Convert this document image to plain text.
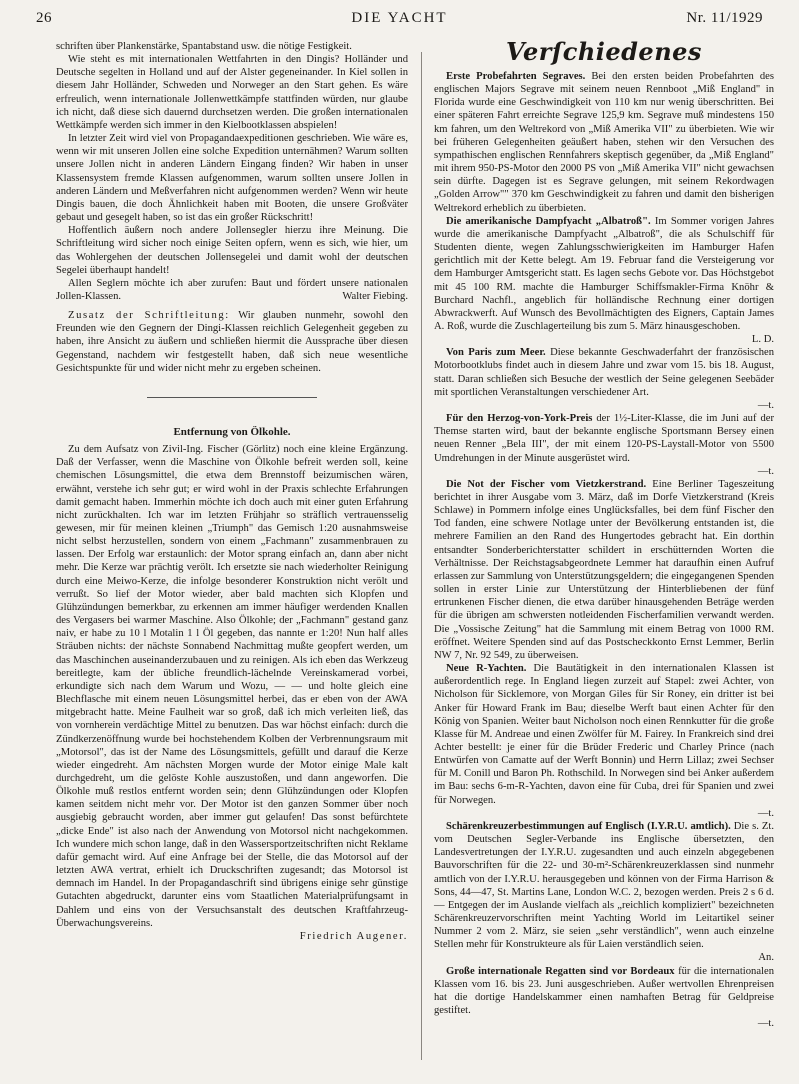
26	DIE YACHT	Nr. 11/1929

schriften über Plankenstärke, Spantabstand usw. die nötige Festigkeit.

Wie steht es mit internationalen Wettfahrten in den Dingis? Holländer und Deutsche segelten in Holland und auf der Alster gegeneinander. In Kiel sollen in diesem Jahr Holländer, Schweden und Norweger an den Start gehen. Es wäre erfreulich, wenn internationale Jollenwettkämpfe stattfinden würden, nur glaube ich nicht, daß diese sich dauernd durchsetzen werden. Die großen internationalen Wettkämpfe werden sich immer in den Kielbootklassen abspielen!

In letzter Zeit wird viel von Propagandaexpeditionen geschrieben. Wie wäre es, wenn wir mit unseren Jollen eine solche Expedition unternähmen? Warum sollten unsere Jollen nicht in anderen Ländern Eingang finden? Wir haben in unser Klassensystem fremde Klassen aufgenommen, warum sollten unsere Jollen in anderen Ländern und Meßverfahren nicht aufgenommen werden? Wenn wir heute Dingis bauen, die doch Ähnlichkeit haben mit Booten, die unsere Großväter gebaut und gesegelt haben, so ist das ein großer Rückschritt!

Hoffentlich äußern noch andere Jollensegler hierzu ihre Meinung. Die Schriftleitung wird sicher noch einige Seiten opfern, wenn es sich, wie hier, um das Wohlergehen der deutschen Jollensegelei und damit wohl der deutschen Segelei überhaupt handelt!

Allen Seglern möchte ich aber zurufen: Baut und fördert unsere nationalen Jollen-Klassen.	Walter Fiebing.

Zusatz der Schriftleitung: Wir glauben nunmehr, sowohl den Freunden wie den Gegnern der Dingi-Klassen reichlich Gelegenheit gegeben zu haben, ihre Ansicht zu äußern und schließen hiermit die Aussprache über diesen Gegenstand, nachdem wir festgestellt haben, daß sich neue wesentliche Gesichtspunkte für und wider nicht mehr zu ergeben scheinen.

Entfernung von Ölkohle.

Zu dem Aufsatz von Zivil-Ing. Fischer (Görlitz) noch eine kleine Ergänzung. Daß der Verfasser, wenn die Maschine von Ölkohle befreit werden soll, keine chemischen Lösungsmittel, die etwa dem Brennstoff beizumischen wären, erwähnt, verstehe ich sehr gut; er wird wohl in der Praxis schlechte Erfahrungen damit gemacht haben. Immerhin möchte ich doch auch mit einer guten Erfahrung nicht zurückhalten. Ich war im letzten Frühjahr so sträflich vertrauensselig gewesen, mir für meinen kleinen „Triumph" das Gemisch 1:20 ausnahmsweise nicht selbst herzustellen, sondern von einem „Fachmann" zusammenbrauen zu lassen. Der Erfolg war erstaunlich: der Motor sprang einfach an, dann aber nicht mehr. Die Kerze war prächtig verölt. Ich ersetzte sie nach wiederholter Reinigung durch eine Meiwo-Kerze, die infolge besonderer Konstruktion nicht verölt und verrußt. So lief der Motor wieder, aber bald machten sich Klopfen und Glühzündungen bemerkbar, zu erkennen am immer häufiger werdenden Knallen des Vergasers bei warmer Maschine. Also Ölkohle; der „Fachmann" gestand ganz naiv, er habe zu 10 l Motalin 1 l Öl gegeben, das nannte er 1:20! Nun half alles Sträuben nichts: der nächste Sonnabend Nachmittag mußte geopfert werden, um das Maschinchen auseinanderzubauen und zu reinigen. Als ich eben das Werkzeug bereitlegte, kam der übliche freundlich-lächelnde Vereinskamerad vorbei, erkundigte sich nach dem Warum und Wozu, — — und holte gleich eine Blechflasche mit einem neuen Lösungsmittel herbei, das er eben von der AWA mitgebracht hatte. Meine Faulheit war so groß, daß ich mich verleiten ließ, das von vornherein verdächtige Mittel zu benutzen. Das war höchst einfach: durch die Zündkerzenöffnung wurde bei hochstehendem Kolben der Verbrennungsraum mit „Motorsol", das ist der Name des Lösungsmittels, gefüllt und darauf die Kerze wieder eingedreht. Am nächsten Morgen wurde der Motor einige Male kalt durchgedreht, um die gelöste Kohle auszustoßen, und dann angeworfen. Die Ölkohle muß restlos entfernt worden sein; denn Glühzündungen oder Klopfen kamen seitdem nicht mehr vor. Der Motor ist den ganzen Sommer über noch ausgiebig gebraucht worden, aber immer gut gelaufen! Das sonst befürchtete „dicke Ende" ist also nach der Anwendung von Motorsol nicht nachgekommen. Ich wundere mich schon lange, daß in den Wassersportzeitschriften nicht Reklame dafür gemacht wird. Auf eine Anfrage bei der Stelle, die das Motorsol auf der letzten AWA vertrat, erhielt ich Druckschriften zugesandt; das Motorsol ist demnach im Handel. In der Propagandaschrift sind übrigens einige sehr günstige Gutachten abgedruckt, darunter eins vom Staatlichen Materialprüfungsamt in Dahlem und eins von der Versuchsanstalt des deutschen Kraftfahrzeug-Überwachungsvereins.

Friedrich Augener.
Verſchiedenes

Erste Probefahrten Segraves. Bei den ersten beiden Probefahrten des englischen Majors Segrave mit seinem neuen Rennboot „Miß England" in Florida wurde eine Geschwindigkeit von 110 km nur wenig überschritten. Bei einer späteren Fahrt erreichte Segrave 125,9 km. Segrave muß mindestens 150 km fahren, um den Weltrekord von „Miß Amerika VII" zu überbieten. Wie wir bei früheren Gelegenheiten geäußert haben, stehen wir den Versuchen des sympathischen englischen Rennfahrers skeptisch gegenüber, da „Miß England" mit ihrem 950-PS-Motor den 2000 PS von „Miß Amerika VII" nicht gewachsen sein dürfte. Dagegen ist es Segrave gelungen, mit seinem Rekordwagen „Golden Arrow"" 370 km Geschwindigkeit zu fahren und damit den bisherigen Weltrekord erheblich zu überbieten.

Die amerikanische Dampfyacht „Albatroß". Im Sommer vorigen Jahres wurde die amerikanische Dampfyacht „Albatroß", die als Schulschiff für Studenten diente, wegen Zahlungsschwierigkeiten im Hamburger Hafen gerichtlich mit der Kette belegt. Am 19. Februar fand die Versteigerung vor dem Hamburger Amtsgericht statt. Es lagen sechs Gebote vor. Das Höchstgebot mit 45 100 RM. machte die Hamburger Schiffsmakler-Firma Knöhr & Burchard Nachfl., angeblich für holländische Rechnung einer dortigen Abwrackwerft. Auf Wunsch des Bevollmächtigten des Eigners, Captain James A. Roß, wurde die Zuschlagerteilung bis zum 5. März hinausgeschoben.

L. D.

Von Paris zum Meer. Diese bekannte Geschwaderfahrt der französischen Motorbootklubs findet auch in diesem Jahre und zwar vom 15. bis 18. August, statt. Daran schließen sich Besuche der westlich der Seine gelegenen Seebäder mit sportlichen Veranstaltungen verschiedener Art.

—t.

Für den Herzog-von-York-Preis der 1½-Liter-Klasse, die im Juni auf der Themse starten wird, baut der bekannte englische Sportsmann Bersey einen neuen Renner „Bela III", der mit einem 120-PS-Laystall-Motor von 5500 Umdrehungen in der Minute ausgerüstet wird.

—t.

Die Not der Fischer vom Vietzkerstrand. Eine Berliner Tageszeitung berichtet in ihrer Ausgabe vom 3. März, daß im Dorfe Vietzkerstrand (Kreis Schlawe) in Pommern infolge eines Unglücksfalles, bei dem fünf Fischer den Tod fanden, eine schwere Notlage unter der Bevölkerung entstanden ist, die mehrere Familien an den Rand des Hungertodes gebracht hat. Ein dorthin entsandter Sonderberichterstatter schildert in erschütternden Worten die Verhältnisse. Der Reichstagsabgeordnete Lemmer hat daraufhin einen Aufruf erlassen zur Sammlung von Unterstützungsgeldern; die eingegangenen Spenden sollen in erster Linie zur Unterstützung der Hinterbliebenen der fünf ertrunkenen Fischer dienen, die etwa darüber hinausgehenden Beträge werden für die übrigen am schwersten notleidenden Fischerfamilien verwandt werden. Die „Vossische Zeitung" hat die Sammlung mit einem Betrag von 1000 RM. eröffnet. Weitere Spenden sind auf das Postscheckkonto Ernst Lemmer, Berlin NW 7, Nr. 92 549, zu überweisen.

Neue R-Yachten. Die Bautätigkeit in den internationalen Klassen ist außerordentlich rege. In England liegen zurzeit auf Stapel: zwei Achter, von Nicholson für Sicklemore, von Morgan Giles für Sir Roney, ein dritter ist bei Anker für Howard Frank im Bau; dieselbe Werft baut einen Achter für den König von Spanien. Weiter baut Nicholson noch einen Rennkutter für die große Klasse für M. Andreae und einen Zwölfer für M. Fairey. In Frankreich sind drei Achter bestellt: je einer für die Brüder Frederic und Charley Prince (nach Entwürfen von Camatte auf der Werft Bonnin) und Herrn Lillaz; zwei Sechser für M. Conill und Baron Ph. Rothschild. In Norwegen sind bei Anker außerdem im Bau: sechs 6-m-R-Yachten, davon eine für Cuba, drei für Spanien und zwei für Norwegen.

—t.

Schärenkreuzerbestimmungen auf Englisch (I.Y.R.U. amtlich). Die s. Zt. vom Deutschen Segler-Verbande ins Englische übersetzten, den Landesvertretungen der I.Y.R.U. zugesandten und auch einzeln abgegebenen Bauvorschriften für die 22- und 30-m²-Schärenkreuzerklassen sind nunmehr amtlich von der I.Y.R.U. herausgegeben und können von der Firma Harrison & Sons, 44—47, St. Martins Lane, London W.C. 2, bezogen werden. Preis 2 s 6 d. — Entgegen der im Auslande vielfach als „reichlich kompliziert" bezeichneten Schärenkreuzervorschriften meint Yachting World im Leitartikel seiner Nummer 2 vom 2. März, sie seien „sehr verständlich", wenn auch einzelne Stellen mehr für Konstrukteure als für Laien verständlich seien.

An.

Große internationale Regatten sind vor Bordeaux für die internationalen Klassen vom 16. bis 23. Juni ausgeschrieben. Außer wertvollen Ehrenpreisen hat die dortige Handelskammer einen namhaften Betrag für Geldpreise gestiftet.

—t.
